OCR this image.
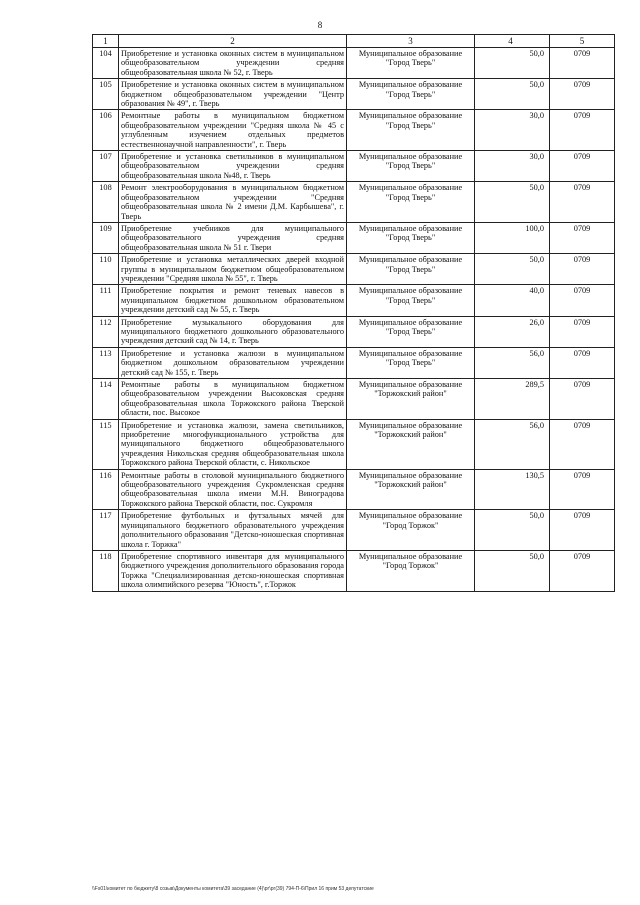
8
1	2	3	4	5
104	Приобретение и установка оконных систем в муниципальном общеобразовательном учреждении средняя общеобразовательная школа № 52, г. Тверь	Муниципальное образование "Город Тверь"	50,0	0709
105	Приобретение и установка оконных систем в муниципальном бюджетном общеобразовательном учреждении "Центр образования № 49", г. Тверь	Муниципальное образование "Город Тверь"	50,0	0709
106	Ремонтные работы в муниципальном бюджетном общеобразовательном учреждении "Средняя школа № 45 с углубленным изучением отдельных предметов естественнонаучной направленности", г. Тверь	Муниципальное образование "Город Тверь"	30,0	0709
107	Приобретение и установка светильников в муниципальном общеобразовательном учреждении средняя общеобразовательная школа №48, г. Тверь	Муниципальное образование "Город Тверь"	30,0	0709
108	Ремонт электрооборудования в муниципальном бюджетном общеобразовательном учреждении "Средняя общеобразовательная школа № 2 имени Д.М. Карбышева", г. Тверь	Муниципальное образование "Город Тверь"	50,0	0709
109	Приобретение учебников для муниципального общеобразовательного учреждения средняя общеобразовательная школа № 51 г. Твери	Муниципальное образование "Город Тверь"	100,0	0709
110	Приобретение и установка металлических дверей входной группы в муниципальном бюджетном общеобразовательном учреждении "Средняя школа № 55", г. Тверь	Муниципальное образование "Город Тверь"	50,0	0709
111	Приобретение покрытия и ремонт теневых навесов в муниципальном бюджетном дошкольном образовательном учреждении детский сад № 55, г. Тверь	Муниципальное образование "Город Тверь"	40,0	0709
112	Приобретение музыкального оборудования для муниципального бюджетного дошкольного образовательного учреждения детский сад № 14, г. Тверь	Муниципальное образование "Город Тверь"	26,0	0709
113	Приобретение и установка жалюзи в муниципальном бюджетном дошкольном образовательном учреждении детский сад № 155, г. Тверь	Муниципальное образование "Город Тверь"	56,0	0709
114	Ремонтные работы в муниципальном бюджетном общеобразовательном учреждении Высоковская средняя общеобразовательная школа Торжокского района Тверской области, пос. Высокое	Муниципальное образование "Торжокский район"	289,5	0709
115	Приобретение и установка жалюзи, замена светильников, приобретение многофункционального устройства для муниципального бюджетного общеобразовательного учреждения Никольская средняя общеобразовательная школа Торжокского района Тверской области, с. Никольское	Муниципальное образование "Торжокский район"	56,0	0709
116	Ремонтные работы в столовой муниципального бюджетного общеобразовательного учреждения Сукромленская средняя общеобразовательная школа имени М.Н. Виноградова Торжокского района Тверской области, пос. Сукромля	Муниципальное образование "Торжокский район"	130,5	0709
117	Приобретение футбольных и футзальных мячей для муниципального бюджетного образовательного учреждения дополнительного образования "Детско-юношеская спортивная школа г. Торжка"	Муниципальное образование "Город Торжок"	50,0	0709
118	Приобретение спортивного инвентаря для муниципального бюджетного учреждения дополнительного образования города Торжка "Специализированная детско-юношеская спортивная школа олимпийского резерва "Юность", г.Торжок	Муниципальное образование "Город Торжок"	50,0	0709
\\Fs01\комитет по бюджету\8 созыв\Документы комитета\39 заседание (4)\рг\рг(39) 794-П-6\Прил 16 прим 53 депутатские
